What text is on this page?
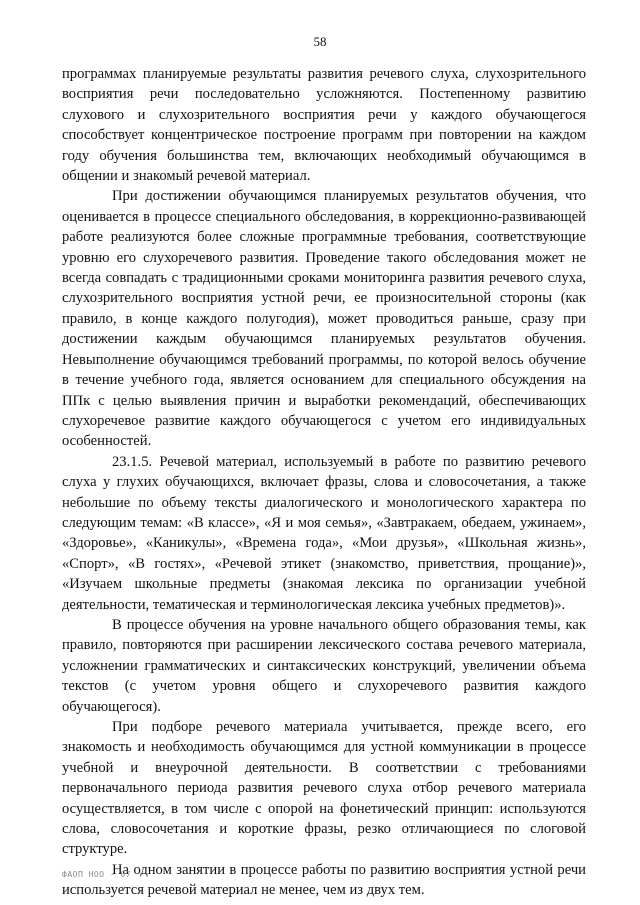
58

программах планируемые результаты развития речевого слуха, слухозрительного восприятия речи последовательно усложняются. Постепенному развитию слухового и слухозрительного восприятия речи у каждого обучающегося способствует концентрическое построение программ при повторении на каждом году обучения большинства тем, включающих необходимый обучающимся в общении и знакомый речевой материал.

При достижении обучающимся планируемых результатов обучения, что оценивается в процессе специального обследования, в коррекционно-развивающей работе реализуются более сложные программные требования, соответствующие уровню его слухоречевого развития. Проведение такого обследования может не всегда совпадать с традиционными сроками мониторинга развития речевого слуха, слухозрительного восприятия устной речи, ее произносительной стороны (как правило, в конце каждого полугодия), может проводиться раньше, сразу при достижении каждым обучающимся планируемых результатов обучения. Невыполнение обучающимся требований программы, по которой велось обучение в течение учебного года, является основанием для специального обсуждения на ППк с целью выявления причин и выработки рекомендаций, обеспечивающих слухоречевое развитие каждого обучающегося с учетом его индивидуальных особенностей.

23.1.5. Речевой материал, используемый в работе по развитию речевого слуха у глухих обучающихся, включает фразы, слова и словосочетания, а также небольшие по объему тексты диалогического и монологического характера по следующим темам: «В классе», «Я и моя семья», «Завтракаем, обедаем, ужинаем», «Здоровье», «Каникулы», «Времена года», «Мои друзья», «Школьная жизнь», «Спорт», «В гостях», «Речевой этикет (знакомство, приветствия, прощание)», «Изучаем школьные предметы (знакомая лексика по организации учебной деятельности, тематическая и терминологическая лексика учебных предметов)».

В процессе обучения на уровне начального общего образования темы, как правило, повторяются при расширении лексического состава речевого материала, усложнении грамматических и синтаксических конструкций, увеличении объема текстов (с учетом уровня общего и слухоречевого развития каждого обучающегося).

При подборе речевого материала учитывается, прежде всего, его знакомость и необходимость обучающимся для устной коммуникации в процессе учебной и внеурочной деятельности. В соответствии с требованиями первоначального периода развития речевого слуха отбор речевого материала осуществляется, в том числе с опорой на фонетический принцип: используются слова, словосочетания и короткие фразы, резко отличающиеся по слоговой структуре.

На одном занятии в процессе работы по развитию восприятия устной речи используется речевой материал не менее, чем из двух тем.

ФАОП НОО - 07
